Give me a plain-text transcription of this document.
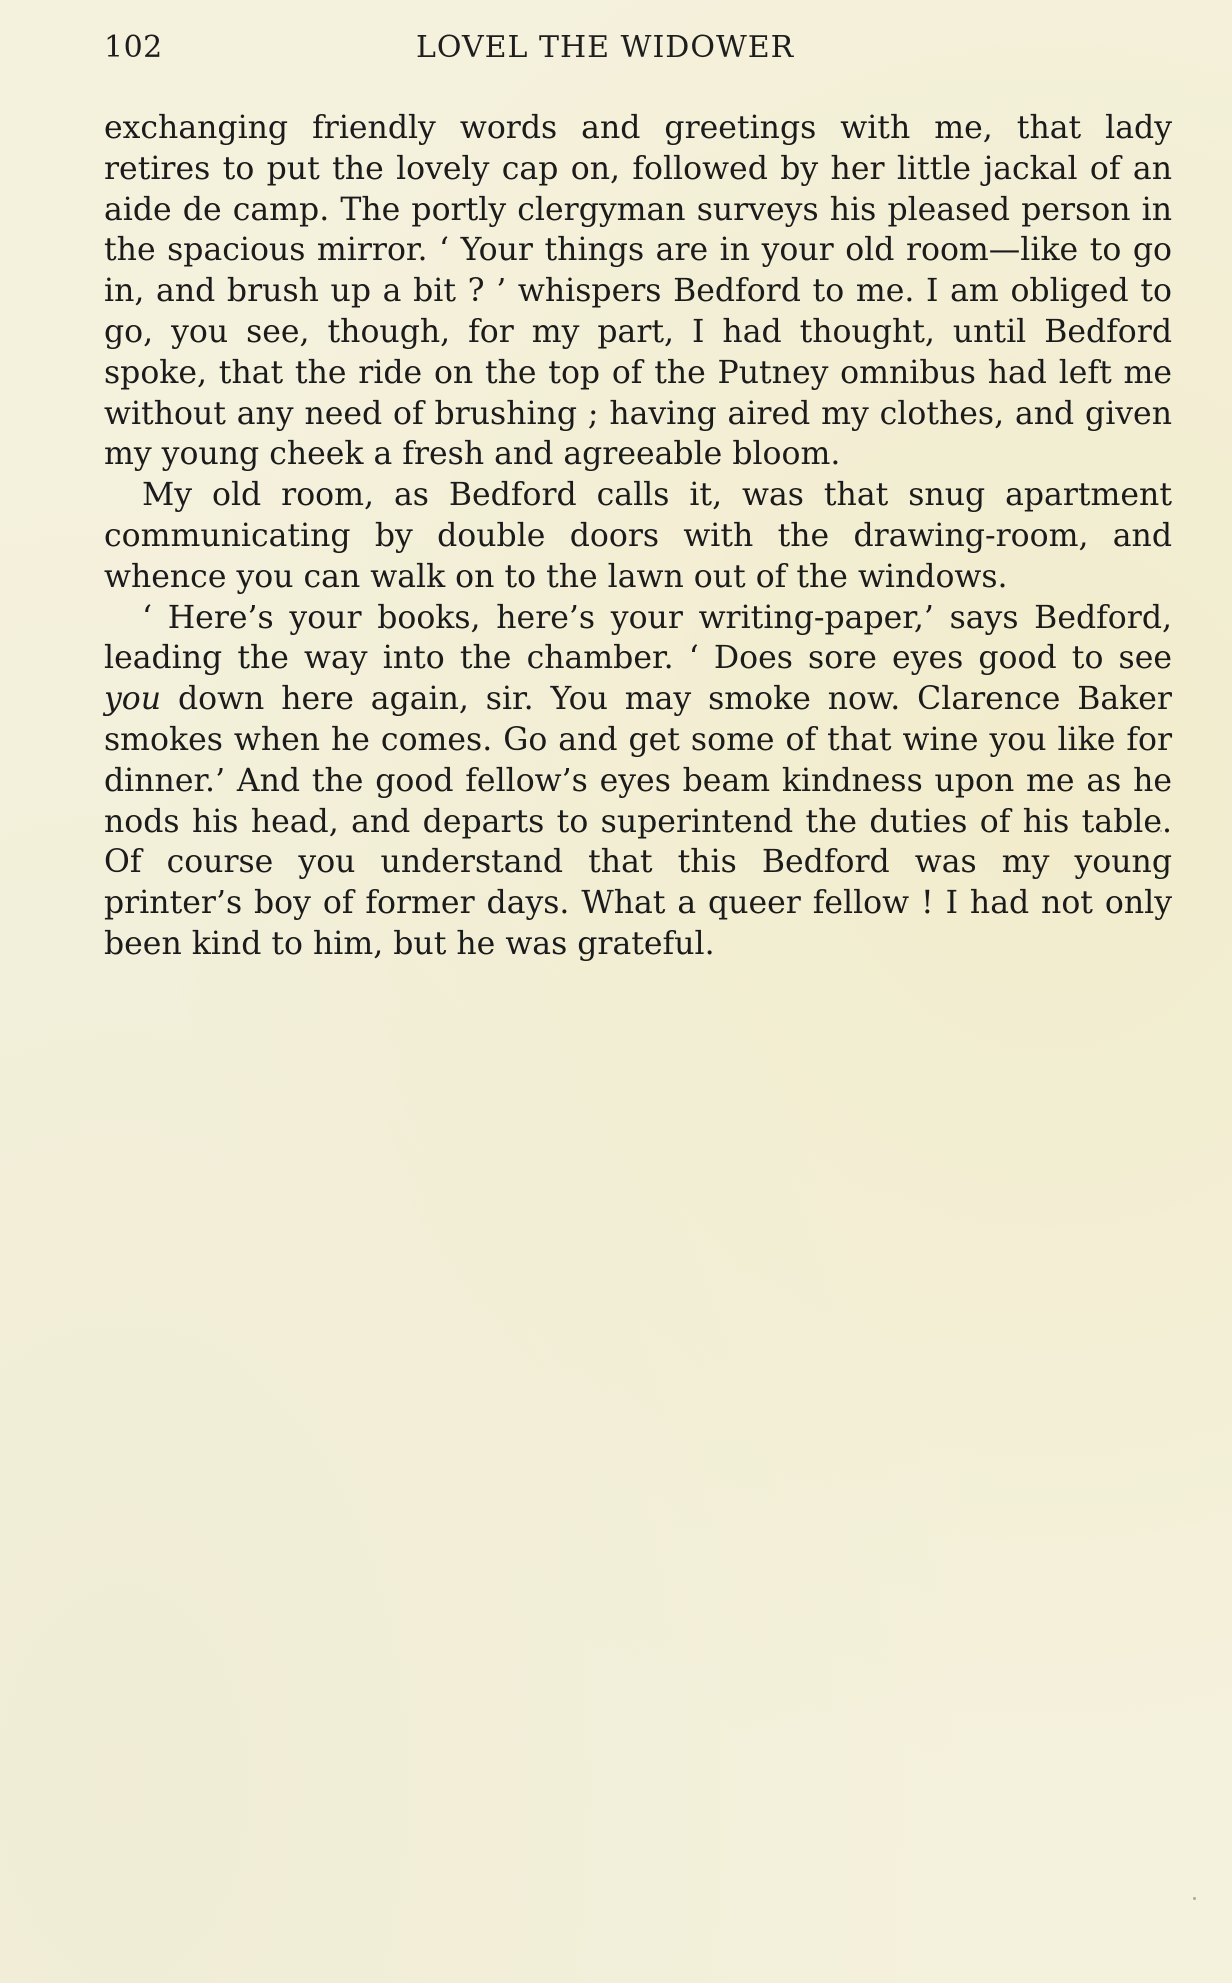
102	LOVEL THE WIDOWER

exchanging friendly words and greetings with me, that lady retires to put the lovely cap on, followed by her little jackal of an aide de camp. The portly clergyman surveys his pleased person in the spacious mirror. ‘ Your things are in your old room—like to go in, and brush up a bit ? ’ whispers Bedford to me. I am obliged to go, you see, though, for my part, I had thought, until Bedford spoke, that the ride on the top of the Putney omnibus had left me without any need of brushing ; having aired my clothes, and given my young cheek a fresh and agreeable bloom.

My old room, as Bedford calls it, was that snug apartment communicating by double doors with the drawing-room, and whence you can walk on to the lawn out of the windows.

‘ Here’s your books, here’s your writing-paper,’ says Bedford, leading the way into the chamber. ‘ Does sore eyes good to see you down here again, sir. You may smoke now. Clarence Baker smokes when he comes. Go and get some of that wine you like for dinner.’ And the good fellow’s eyes beam kindness upon me as he nods his head, and departs to superintend the duties of his table. Of course you understand that this Bedford was my young printer’s boy of former days. What a queer fellow ! I had not only been kind to him, but he was grateful.
